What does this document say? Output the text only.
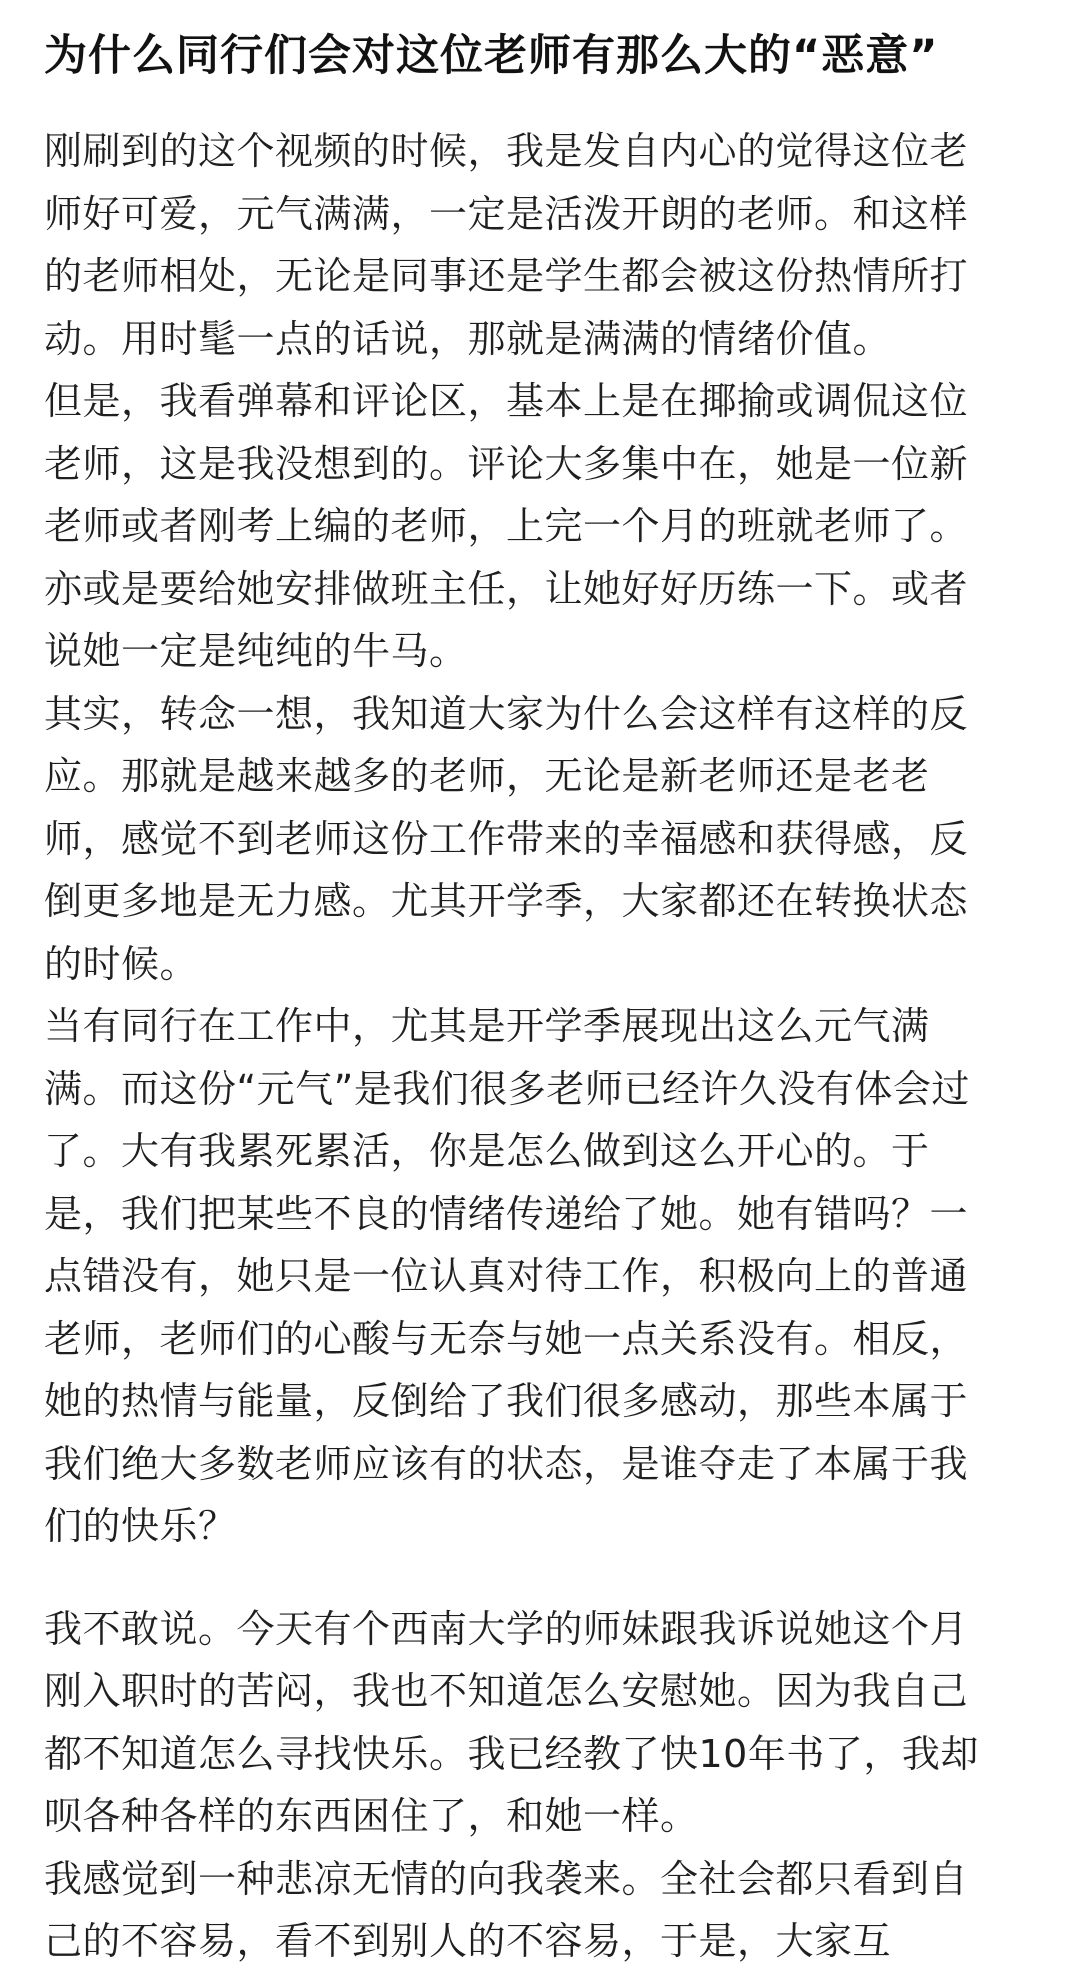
为什么同行们会对这位老师有那么大的“恶意”

刚刷到的这个视频的时候，我是发自内心的觉得这位老师好可爱，元气满满，一定是活泼开朗的老师。和这样的老师相处，无论是同事还是学生都会被这份热情所打动。用时髦一点的话说，那就是满满的情绪价值。

但是，我看弹幕和评论区，基本上是在揶揄或调侃这位老师，这是我没想到的。评论大多集中在，她是一位新老师或者刚考上编的老师，上完一个月的班就老师了。亦或是要给她安排做班主任，让她好好历练一下。或者说她一定是纯纯的牛马。

其实，转念一想，我知道大家为什么会这样有这样的反应。那就是越来越多的老师，无论是新老师还是老老师，感觉不到老师这份工作带来的幸福感和获得感，反倒更多地是无力感。尤其开学季，大家都还在转换状态的时候。

当有同行在工作中，尤其是开学季展现出这么元气满满。而这份“元气”是我们很多老师已经许久没有体会过了。大有我累死累活，你是怎么做到这么开心的。于是，我们把某些不良的情绪传递给了她。她有错吗？一点错没有，她只是一位认真对待工作，积极向上的普通老师，老师们的心酸与无奈与她一点关系没有。相反，她的热情与能量，反倒给了我们很多感动，那些本属于我们绝大多数老师应该有的状态，是谁夺走了本属于我们的快乐？

我不敢说。今天有个西南大学的师妹跟我诉说她这个月刚入职时的苦闷，我也不知道怎么安慰她。因为我自己都不知道怎么寻找快乐。我已经教了快10年书了，我却呗各种各样的东西困住了，和她一样。

我感觉到一种悲凉无情的向我袭来。全社会都只看到自己的不容易，看不到别人的不容易，于是，大家互
